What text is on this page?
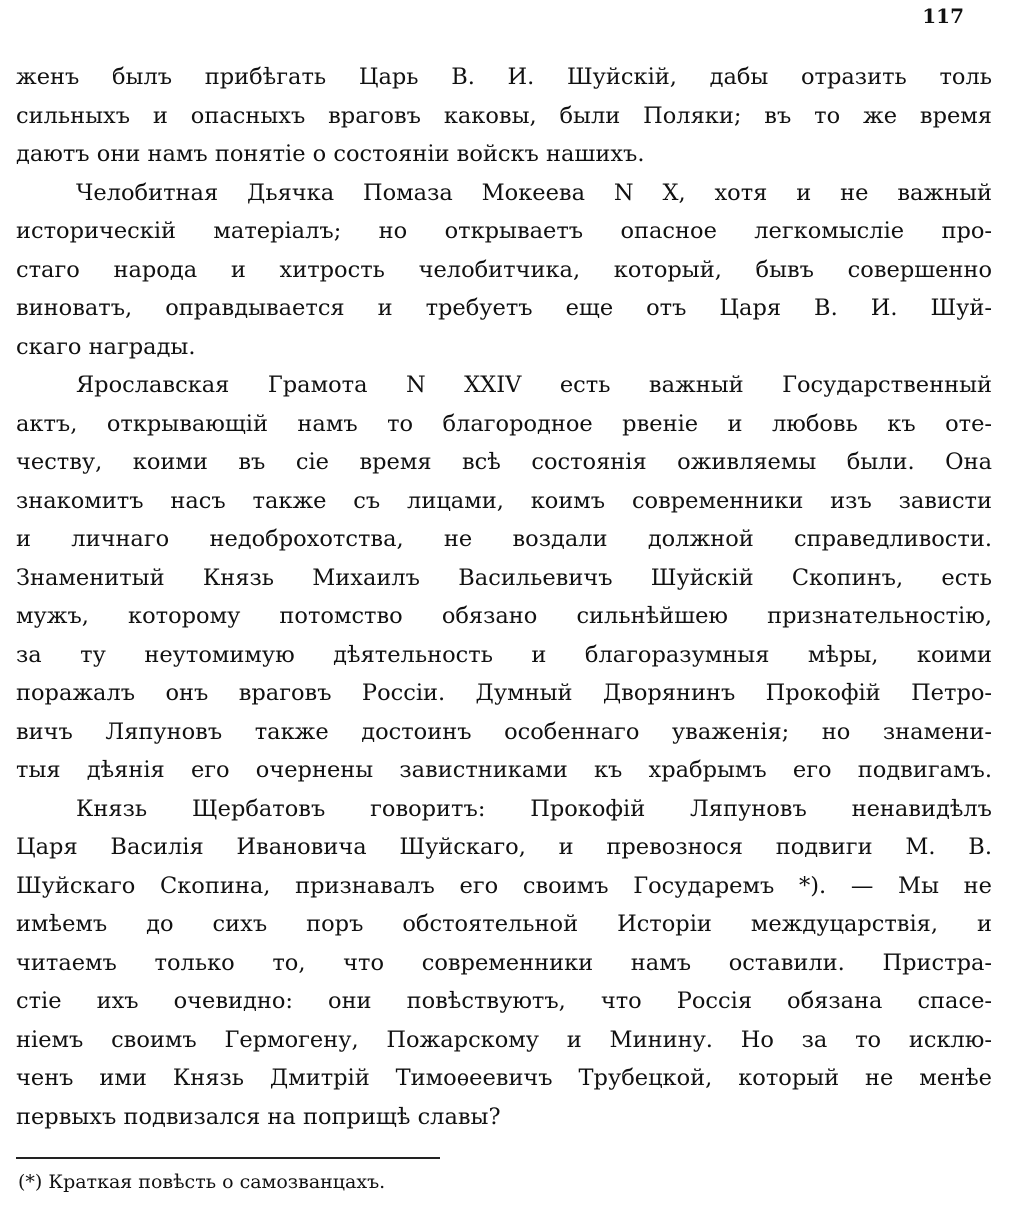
117
женъ былъ прибѣгать Царь В. И. Шуйскій, дабы отразить толь
сильныхъ и опасныхъ враговъ каковы, были Поляки; въ то же время
даютъ они намъ понятіе о состояніи войскъ нашихъ.
Челобитная Дьячка Помаза Мокеева N X, хотя и не важный
историческій матеріалъ; но открываетъ опасное легкомысліе про-
стаго народа и хитрость челобитчика, который, бывъ совершенно
виноватъ, оправдывается и требуетъ еще отъ Царя В. И. Шуй-
скаго награды.
Ярославская Грамота N XXIV есть важный Государственный
актъ, открывающій намъ то благородное рвеніе и любовь къ оте-
честву, коими въ сіе время всѣ состоянія оживляемы были. Она
знакомитъ насъ также съ лицами, коимъ современники изъ зависти
и личнаго недоброхотства, не воздали должной справедливости.
Знаменитый Князь Михаилъ Васильевичъ Шуйскій Скопинъ, есть
мужъ, которому потомство обязано сильнѣйшею признательностію,
за ту неутомимую дѣятельность и благоразумныя мѣры, коими
поражалъ онъ враговъ Россіи. Думный Дворянинъ Прокофій Петро-
вичъ Ляпуновъ также достоинъ особеннаго уваженія; но знамени-
тыя дѣянія его очернены завистниками къ храбрымъ его подвигамъ.
Князь Щербатовъ говоритъ: Прокофій Ляпуновъ ненавидѣлъ
Царя Василія Ивановича Шуйскаго, и превознося подвиги М. В.
Шуйскаго Скопина, признавалъ его своимъ Государемъ *). — Мы не
имѣемъ до сихъ поръ обстоятельной Исторіи междуцарствія, и
читаемъ только то, что современники намъ оставили. Пристра-
стіе ихъ очевидно: они повѣствуютъ, что Россія обязана спасе-
ніемъ своимъ Гермогену, Пожарскому и Минину. Но за то исклю-
ченъ ими Князь Дмитрій Тимоѳеевичъ Трубецкой, который не менѣе
первыхъ подвизался на поприщѣ славы?
(*) Краткая повѣсть о самозванцахъ.
